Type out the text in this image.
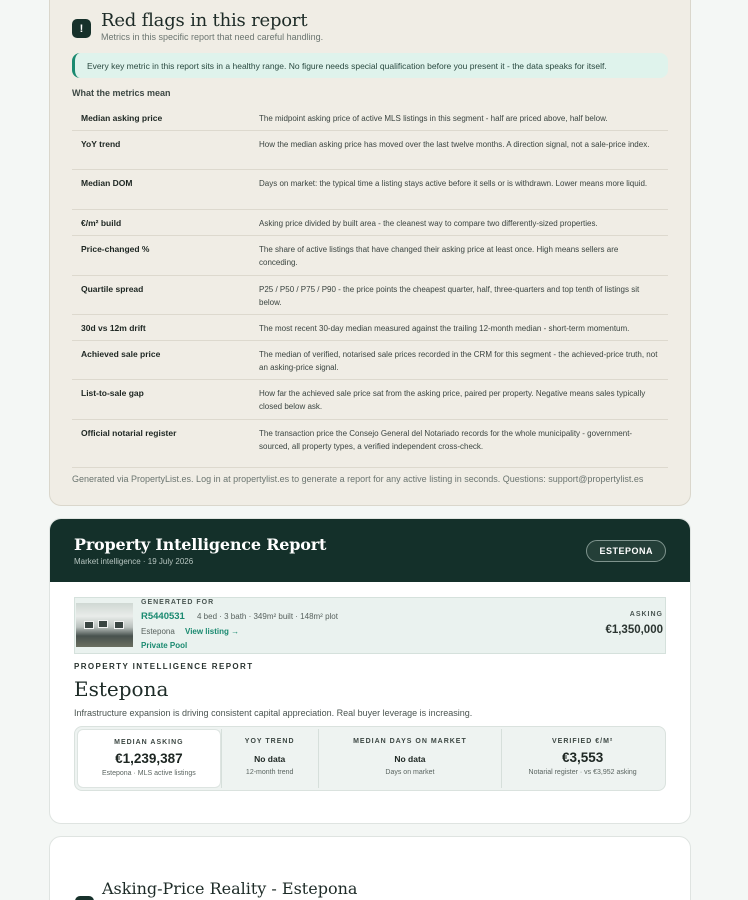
! Red flags in this report
Metrics in this specific report that need careful handling.
Every key metric in this report sits in a healthy range. No figure needs special qualification before you present it - the data speaks for itself.
What the metrics mean
Median asking price	The midpoint asking price of active MLS listings in this segment - half are priced above, half below.
YoY trend	How the median asking price has moved over the last twelve months. A direction signal, not a sale-price index.
Median DOM	Days on market: the typical time a listing stays active before it sells or is withdrawn. Lower means more liquid.
€/m² build	Asking price divided by built area - the cleanest way to compare two differently-sized properties.
Price-changed %	The share of active listings that have changed their asking price at least once. High means sellers are conceding.
Quartile spread	P25 / P50 / P75 / P90 - the price points the cheapest quarter, half, three-quarters and top tenth of listings sit below.
30d vs 12m drift	The most recent 30-day median measured against the trailing 12-month median - short-term momentum.
Achieved sale price	The median of verified, notarised sale prices recorded in the CRM for this segment - the achieved-price truth, not an asking-price signal.
List-to-sale gap	How far the achieved sale price sat from the asking price, paired per property. Negative means sales typically closed below ask.
Official notarial register	The transaction price the Consejo General del Notariado records for the whole municipality - government-sourced, all property types, a verified independent cross-check.
Generated via PropertyList.es. Log in at propertylist.es to generate a report for any active listing in seconds. Questions: support@propertylist.es
Property Intelligence Report
Market intelligence · 19 July 2026
ESTEPONA
GENERATED FOR
R5440531 4 bed · 3 bath · 349m² built · 148m² plot
Estepona View listing →
Private Pool
ASKING
€1,350,000
PROPERTY INTELLIGENCE REPORT
Estepona
Infrastructure expansion is driving consistent capital appreciation. Real buyer leverage is increasing.
MEDIAN ASKING
€1,239,387
Estepona · MLS active listings
YOY TREND
No data
12-month trend
MEDIAN DAYS ON MARKET
No data
Days on market
VERIFIED €/M²
€3,553
Notarial register · vs €3,952 asking
Asking-Price Reality - Estepona
